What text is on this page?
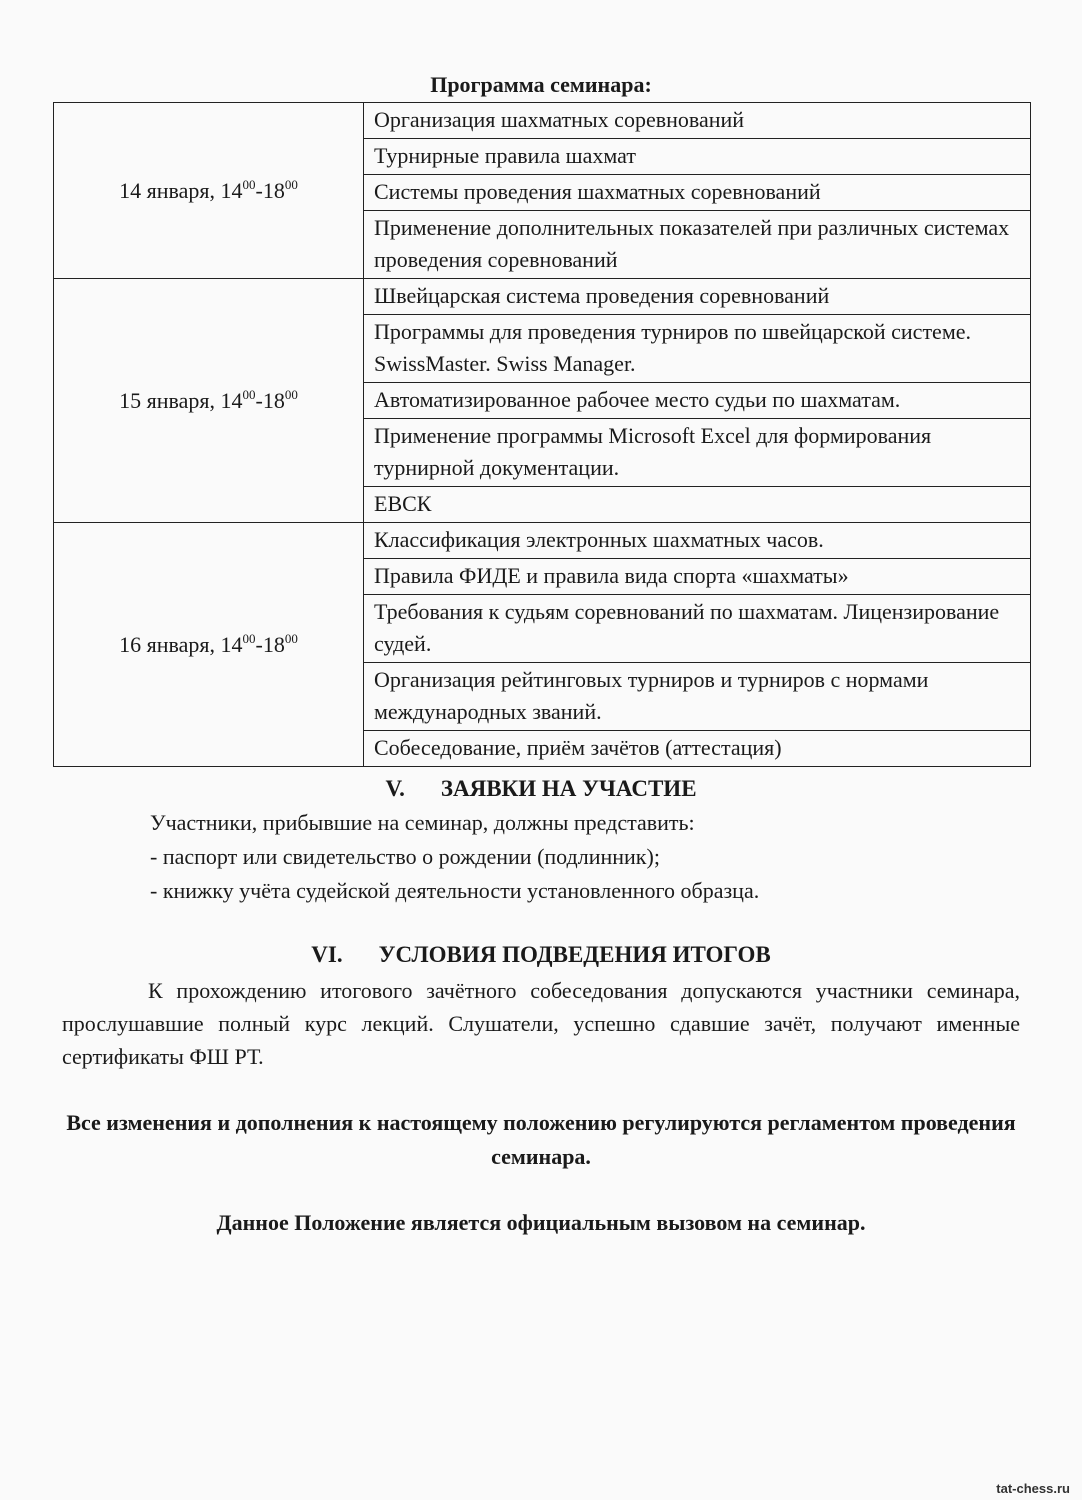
Программа семинара:
14 января, $14^{00}-18^{00}$	Организация шахматных соревнований
	Турнирные правила шахмат
	Системы проведения шахматных соревнований
	Применение дополнительных показателей при различных системах проведения соревнований
15 января, $14^{00}-18^{00}$	Швейцарская система проведения соревнований
	Программы для проведения турниров по швейцарской системе. SwissMaster. Swiss Manager.
	Автоматизированное рабочее место судьи по шахматам.
	Применение программы Microsoft Excel для формирования турнирной документации.
	ЕВСК
16 января, $14^{00}-18^{00}$	Классификация электронных шахматных часов.
	Правила ФИДЕ и правила вида спорта «шахматы»
	Требования к судьям соревнований по шахматам. Лицензирование судей.
	Организация рейтинговых турниров и турниров с нормами международных званий.
	Собеседование, приём зачётов (аттестация)
V. ЗАЯВКИ НА УЧАСТИЕ
Участники, прибывшие на семинар, должны представить:
- паспорт или свидетельство о рождении (подлинник);
- книжку учёта судейской деятельности установленного образца.
VI. УСЛОВИЯ ПОДВЕДЕНИЯ ИТОГОВ
К прохождению итогового зачётного собеседования допускаются участники семинара, прослушавшие полный курс лекций. Слушатели, успешно сдавшие зачёт, получают именные сертификаты ФШ РТ.
Все изменения и дополнения к настоящему положению регулируются регламентом проведения семинара.
Данное Положение является официальным вызовом на семинар.
tat-chess.ru
